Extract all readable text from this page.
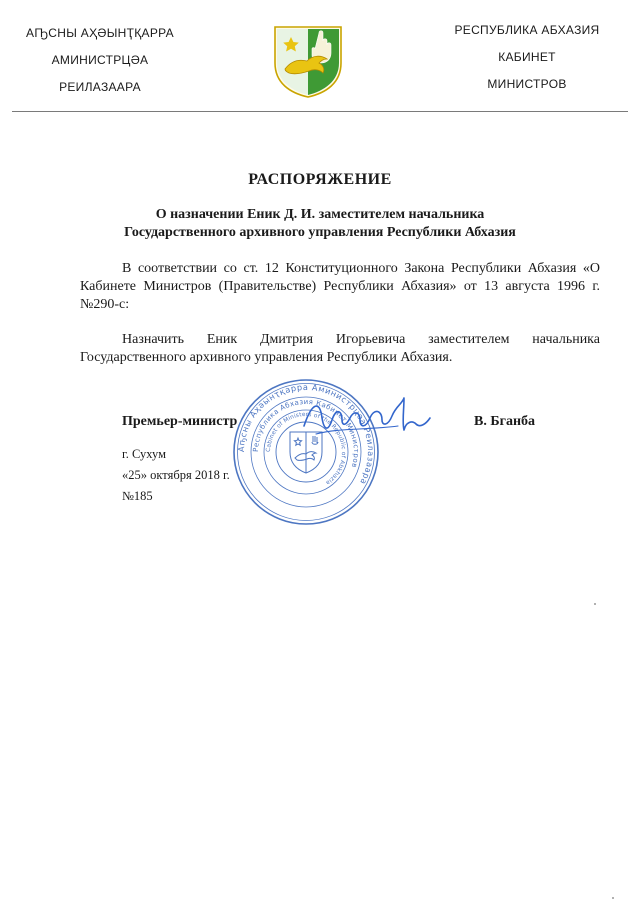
АҦСНЫ АҲӘЫНҬҚАРРА
АМИНИСТРЦӘА
РЕИЛАЗААРА
РЕСПУБЛИКА АБХАЗИЯ
КАБИНЕТ
МИНИСТРОВ
РАСПОРЯЖЕНИЕ
О назначении Еник Д. И. заместителем начальника
Государственного архивного управления Республики Абхазия
В соответствии со ст. 12 Конституционного Закона Республики Абхазия «О Кабинете Министров (Правительстве) Республики Абхазия» от 13 августа 1996 г. №290-с:
Назначить Еник Дмитрия Игорьевича заместителем начальника Государственного архивного управления Республики Абхазия.
Аҧсны Аҳәынҭқарра Аминистрцәа Реилазаара
Республика Абхазия Кабинет Министров
Cabinet of Ministers of the Republic of Abkhazia
Премьер-министр	В. Бганба
г. Сухум
«25» октября 2018 г.
№185
